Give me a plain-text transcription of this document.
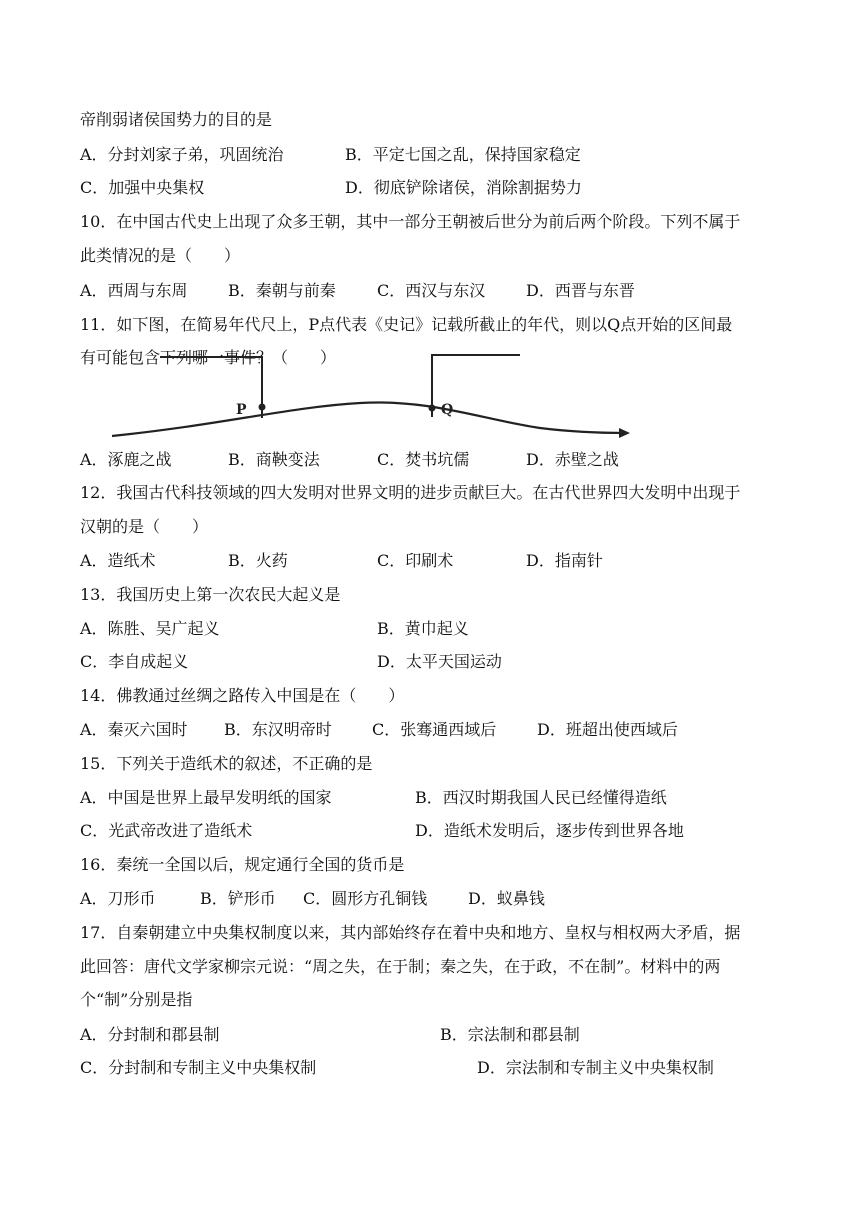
帝削弱诸侯国势力的目的是
A．分封刘家子弟，巩固统治	B．平定七国之乱，保持国家稳定
C．加强中央集权	D．彻底铲除诸侯，消除割据势力
10．在中国古代史上出现了众多王朝，其中一部分王朝被后世分为前后两个阶段。下列不属于
此类情况的是（　　）
A．西周与东周	B．秦朝与前秦	C．西汉与东汉	D．西晋与东晋
11．如下图，在简易年代尺上，P点代表《史记》记载所截止的年代，则以Q点开始的区间最
有可能包含下列哪一事件？（　　）
P	Q
A．涿鹿之战	B．商鞅变法	C．焚书坑儒	D．赤壁之战
12．我国古代科技领域的四大发明对世界文明的进步贡献巨大。在古代世界四大发明中出现于
汉朝的是（　　）
A．造纸术	B．火药	C．印刷术	D．指南针
13．我国历史上第一次农民大起义是
A．陈胜、吴广起义	B．黄巾起义
C．李自成起义	D．太平天国运动
14．佛教通过丝绸之路传入中国是在（　　）
A．秦灭六国时 B．东汉明帝时	C．张骞通西域后	D．班超出使西域后
15．下列关于造纸术的叙述，不正确的是
A．中国是世界上最早发明纸的国家	B．西汉时期我国人民已经懂得造纸
C．光武帝改进了造纸术	D．造纸术发明后，逐步传到世界各地
16．秦统一全国以后，规定通行全国的货币是
A．刀形币	B．铲形币 C．圆形方孔铜钱	D．蚁鼻钱
17．自秦朝建立中央集权制度以来，其内部始终存在着中央和地方、皇权与相权两大矛盾，据
此回答：唐代文学家柳宗元说：“周之失，在于制；秦之失，在于政，不在制”。材料中的两
个“制”分别是指
A．分封制和郡县制	B．宗法制和郡县制
C．分封制和专制主义中央集权制	D．宗法制和专制主义中央集权制
